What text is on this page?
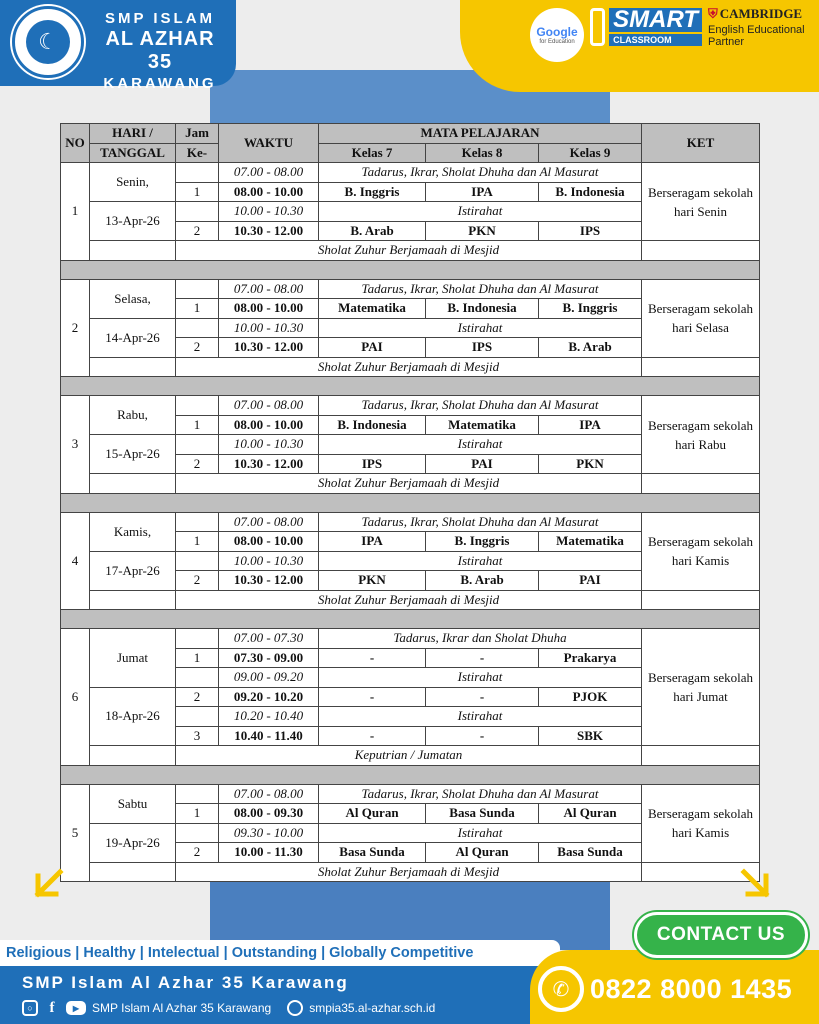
☾
SMP ISLAM
AL AZHAR 35
KARAWANG
Google
for Education
SMART
CLASSROOM
⛨ CAMBRIDGE
English Educational Partner
NO	HARI /	Jam	WAKTU	MATA PELAJARAN			KET
	TANGGAL	Ke-		Kelas 7	Kelas 8	Kelas 9	
1	Senin,		07.00 - 08.00	Tadarus, Ikrar, Sholat Dhuha dan Al Masurat			Berseragam sekolah hari Senin
		1	08.00 - 10.00	B. Inggris	IPA	B. Indonesia	
	13-Apr-26		10.00 - 10.30	Istirahat			
		2	10.30 - 12.00	B. Arab	PKN	IPS	
		Sholat Zuhur Berjamaah di Mesjid					

2	Selasa,		07.00 - 08.00	Tadarus, Ikrar, Sholat Dhuha dan Al Masurat			Berseragam sekolah hari Selasa
		1	08.00 - 10.00	Matematika	B. Indonesia	B. Inggris	
	14-Apr-26		10.00 - 10.30	Istirahat			
		2	10.30 - 12.00	PAI	IPS	B. Arab	
		Sholat Zuhur Berjamaah di Mesjid					

3	Rabu,		07.00 - 08.00	Tadarus, Ikrar, Sholat Dhuha dan Al Masurat			Berseragam sekolah hari Rabu
		1	08.00 - 10.00	B. Indonesia	Matematika	IPA	
	15-Apr-26		10.00 - 10.30	Istirahat			
		2	10.30 - 12.00	IPS	PAI	PKN	
		Sholat Zuhur Berjamaah di Mesjid					

4	Kamis,		07.00 - 08.00	Tadarus, Ikrar, Sholat Dhuha dan Al Masurat			Berseragam sekolah hari Kamis
		1	08.00 - 10.00	IPA	B. Inggris	Matematika	
	17-Apr-26		10.00 - 10.30	Istirahat			
		2	10.30 - 12.00	PKN	B. Arab	PAI	
		Sholat Zuhur Berjamaah di Mesjid					

6	Jumat		07.00 - 07.30	Tadarus, Ikrar dan Sholat Dhuha			Berseragam sekolah hari Jumat
		1	07.30 - 09.00	-	-	Prakarya	
			09.00 - 09.20	Istirahat			
	18-Apr-26	2	09.20 - 10.20	-	-	PJOK	
			10.20 - 10.40	Istirahat			
		3	10.40 - 11.40	-	-	SBK	
		Keputrian / Jumatan					

5	Sabtu		07.00 - 08.00	Tadarus, Ikrar, Sholat Dhuha dan Al Masurat			Berseragam sekolah hari Kamis
		1	08.00 - 09.30	Al Quran	Basa Sunda	Al Quran	
	19-Apr-26		09.30 - 10.00	Istirahat			
		2	10.00 - 11.30	Basa Sunda	Al Quran	Basa Sunda	
		Sholat Zuhur Berjamaah di Mesjid					
Religious | Healthy | Intelectual | Outstanding | Globally Competitive
SMP Islam Al Azhar 35 Karawang
○	f	▶	SMP Islam Al Azhar 35 Karawang	smpia35.al-azhar.sch.id
CONTACT US
✆ 0822 8000 1435
